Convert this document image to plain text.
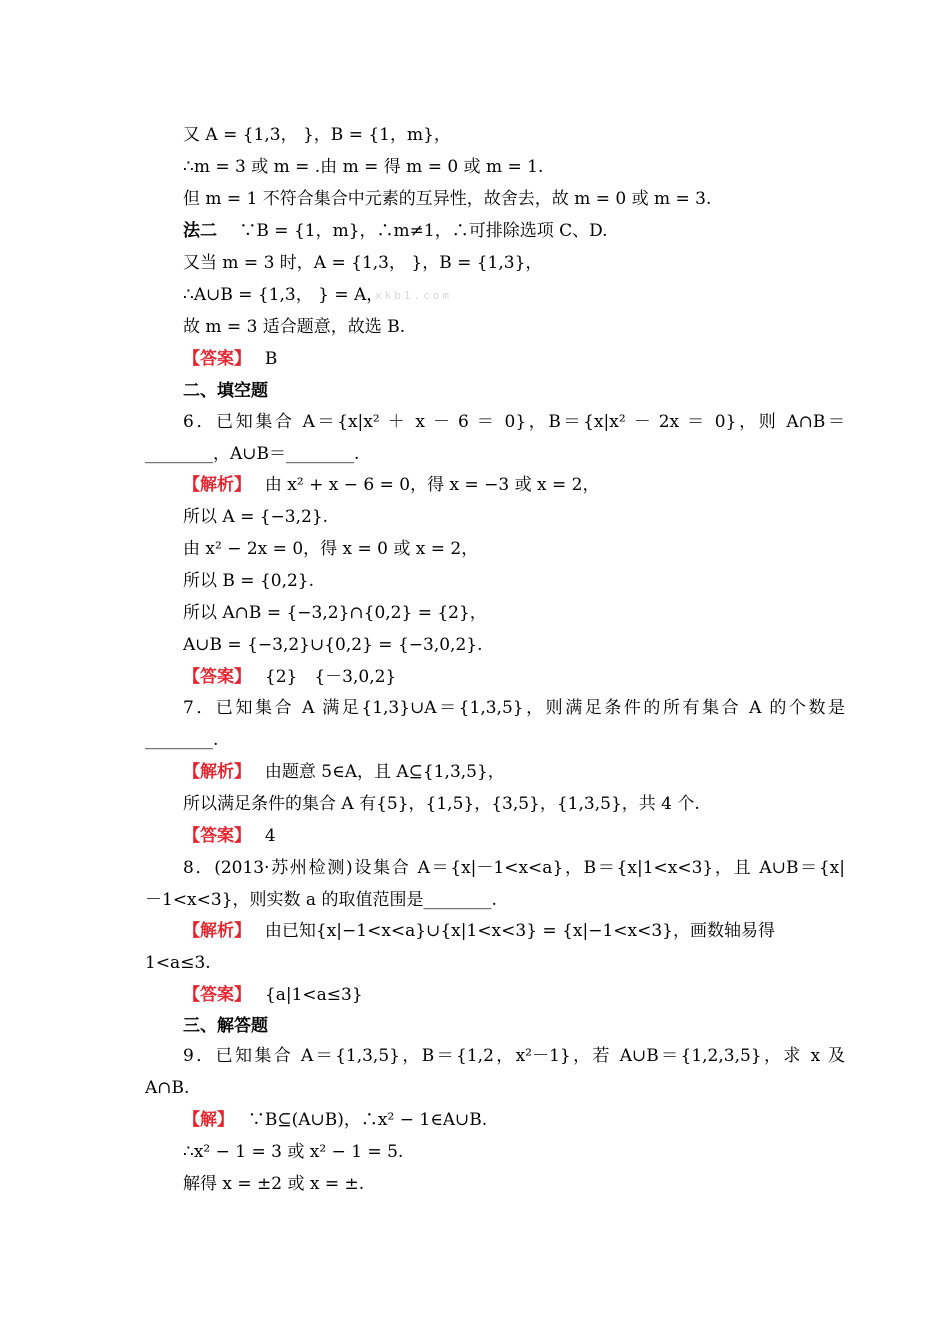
又 A = {1,3， }，B = {1，m}，
∴m = 3 或 m = .由 m = 得 m = 0 或 m = 1.
但 m = 1 不符合集合中元素的互异性，故舍去，故 m = 0 或 m = 3.
法二　 ∵B = {1，m}，∴m≠1，∴可排除选项 C、D.
又当 m = 3 时，A = {1,3， }，B = {1,3}，
∴A∪B = {1,3， } = A，
xkb1.com
故 m = 3 适合题意，故选 B.
【答案】　 B
二、填空题
6．已知集合 A＝{x|x² ＋ x － 6 ＝ 0}，B＝{x|x² － 2x ＝ 0}，则 A∩B＝
________，A∪B＝________.
【解析】　 由 x² + x − 6 = 0，得 x = −3 或 x = 2，
所以 A = {−3,2}.
由 x² − 2x = 0，得 x = 0 或 x = 2，
所以 B = {0,2}.
所以 A∩B = {−3,2}∩{0,2} = {2}，
A∪B = {−3,2}∪{0,2} = {−3,0,2}.
【答案】　 {2}　{－3,0,2}
7．已知集合 A 满足{1,3}∪A＝{1,3,5}，则满足条件的所有集合 A 的个数是
________.
【解析】　 由题意 5∈A，且 A⊆{1,3,5}，
所以满足条件的集合 A 有{5}，{1,5}，{3,5}，{1,3,5}，共 4 个.
【答案】　 4
8．(2013·苏州检测)设集合 A＝{x|－1<x<a}，B＝{x|1<x<3}，且 A∪B＝{x|
－1<x<3}，则实数 a 的取值范围是________.
【解析】　 由已知{x|−1<x<a}∪{x|1<x<3} = {x|−1<x<3}，画数轴易得
1<a≤3.
【答案】　 {a|1<a≤3}
三、解答题
9．已知集合 A＝{1,3,5}，B＝{1,2，x²－1}，若 A∪B＝{1,2,3,5}，求 x 及
A∩B.
【解】　 ∵B⊆(A∪B)，∴x² − 1∈A∪B.
∴x² − 1 = 3 或 x² − 1 = 5.
解得 x = ±2 或 x = ±.
